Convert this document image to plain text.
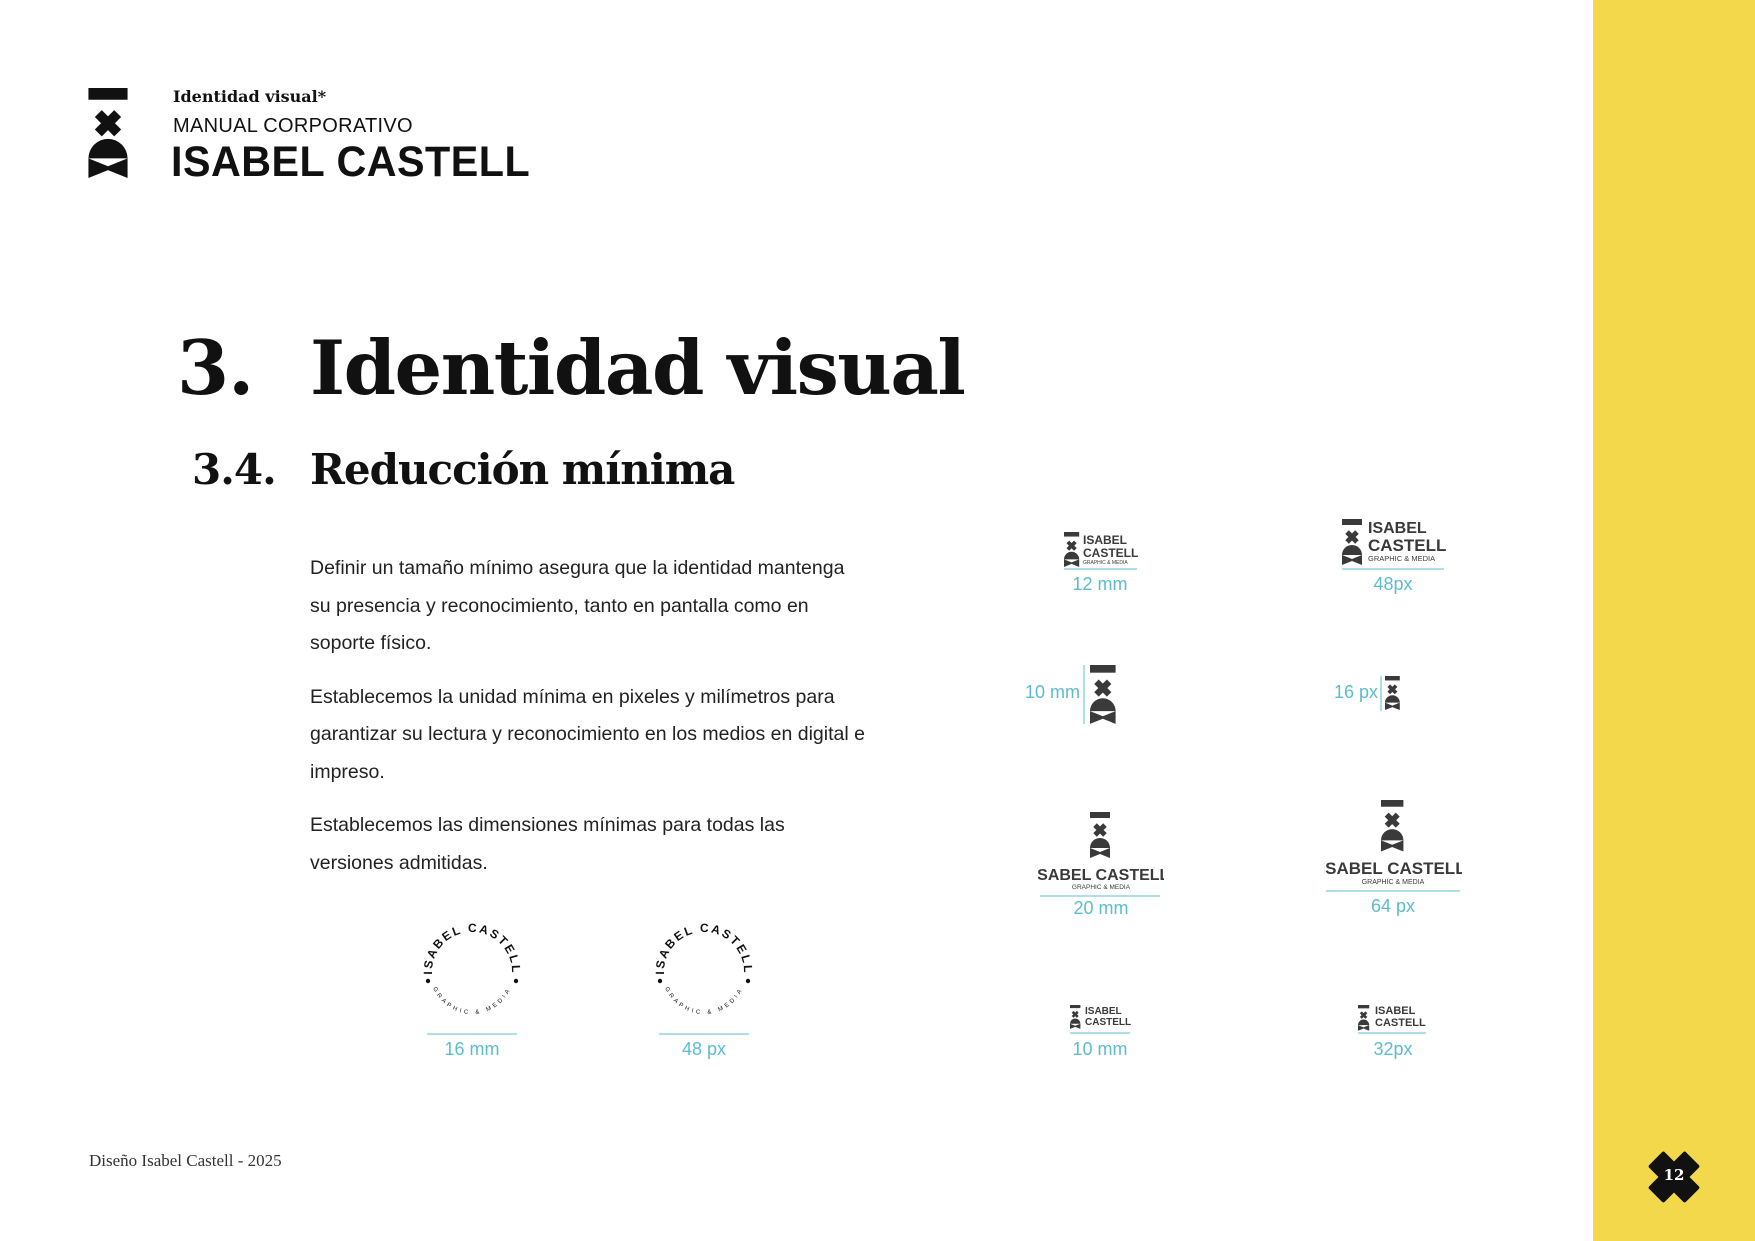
Identidad visual*
MANUAL CORPORATIVO
ISABEL CASTELL
3. Identidad visual
3.4. Reducción mínima

Definir un tamaño mínimo asegura que la identidad mantenga su presencia y reconocimiento, tanto en pantalla como en soporte físico.

Establecemos la unidad mínima en pixeles y milímetros para garantizar su lectura y reconocimiento en los medios en digital e impreso.

Establecemos las dimensiones mínimas para todas las versiones admitidas.

ISABEL
CASTELL
GRAPHIC & MEDIA
12 mm
ISABEL
CASTELL
GRAPHIC & MEDIA
48px
10 mm	16 px
ISABEL CASTELL
GRAPHIC & MEDIA
20 mm
ISABEL CASTELL
GRAPHIC & MEDIA
64 px
ISABEL
CASTELL
10 mm
ISABEL
CASTELL
32px
ISABEL CASTELL
GRAPHIC & MEDIA
16 mm
ISABEL CASTELL
GRAPHIC & MEDIA
48 px
Diseño Isabel Castell - 2025
12
